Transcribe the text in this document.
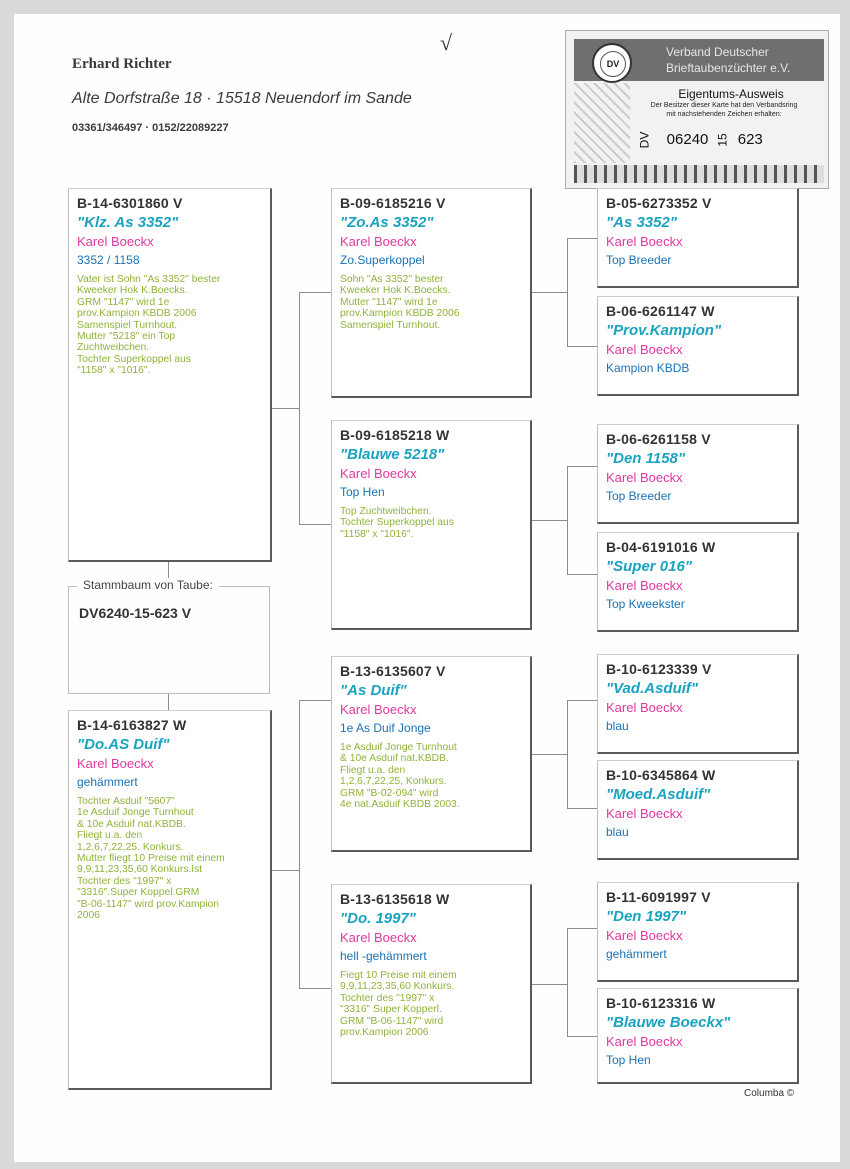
Erhard Richter
Alte Dorfstraße 18 · 15518 Neuendorf im Sande
03361/346497 · 0152/22089227
√
DV
Verband Deutscher
Brieftaubenzüchter e.V.
Eigentums-Ausweis
Der Besitzer dieser Karte hat den Verbandsring
mit nachstehenden Zeichen erhalten:
DV 06240 15 623
Stammbaum von Taube:
DV6240-15-623 V
B-14-6301860 V
"Klz. As 3352"
Karel Boeckx
3352 / 1158
Vater ist Sohn "As 3352" bester
Kweeker Hok K.Boecks.
GRM "1147" wird 1e
prov.Kampion KBDB 2006
Samenspiel Turnhout.
Mutter "5218" ein Top
Zuchtweibchen.
Tochter Superkoppel aus
"1158" x "1016".
B-14-6163827 W
"Do.AS Duif"
Karel Boeckx
gehämmert
Tochter Asduif "5607"
1e Asduif Jonge Turnhout
& 10e Asduif nat.KBDB.
Fliegt u.a. den
1,2,6,7,22,25. Konkurs.
Mutter fliegt 10 Preise mit einem
9,9,11,23,35,60 Konkurs.Ist
Tochter des "1997" x
"3316".Super Koppel.GRM
"B-06-1147" wird prov.Kampion
2006
B-09-6185216 V
"Zo.As 3352"
Karel Boeckx
Zo.Superkoppel
Sohn "As 3352" bester
Kweeker Hok K.Boecks.
Mutter "1147" wird 1e
prov.Kampion KBDB 2006
Samenspiel Turnhout.
B-09-6185218 W
"Blauwe 5218"
Karel Boeckx
Top Hen
Top Zuchtweibchen.
Tochter Superkoppel aus
"1158" x "1016".
B-13-6135607 V
"As Duif"
Karel Boeckx
1e As Duif Jonge
1e Asduif Jonge Turnhout
& 10e Asduif nat.KBDB.
Fliegt u.a. den
1,2,6,7,22,25, Konkurs.
GRM "B-02-094" wird
4e nat.Asduif KBDB 2003.
B-13-6135618 W
"Do. 1997"
Karel Boeckx
hell -gehämmert
Fiegt 10 Preise mit einem
9,9,11,23,35,60 Konkurs.
Tochter des "1997" x
"3316" Super Kopperl.
GRM "B-06-1147" wird
prov.Kampion 2006
B-05-6273352 V
"As 3352"
Karel Boeckx
Top Breeder
B-06-6261147 W
"Prov.Kampion"
Karel Boeckx
Kampion KBDB
B-06-6261158 V
"Den 1158"
Karel Boeckx
Top Breeder
B-04-6191016 W
"Super 016"
Karel Boeckx
Top Kweekster
B-10-6123339 V
"Vad.Asduif"
Karel Boeckx
blau
B-10-6345864 W
"Moed.Asduif"
Karel Boeckx
blau
B-11-6091997 V
"Den 1997"
Karel Boeckx
gehämmert
B-10-6123316 W
"Blauwe Boeckx"
Karel Boeckx
Top Hen
Columba ©
